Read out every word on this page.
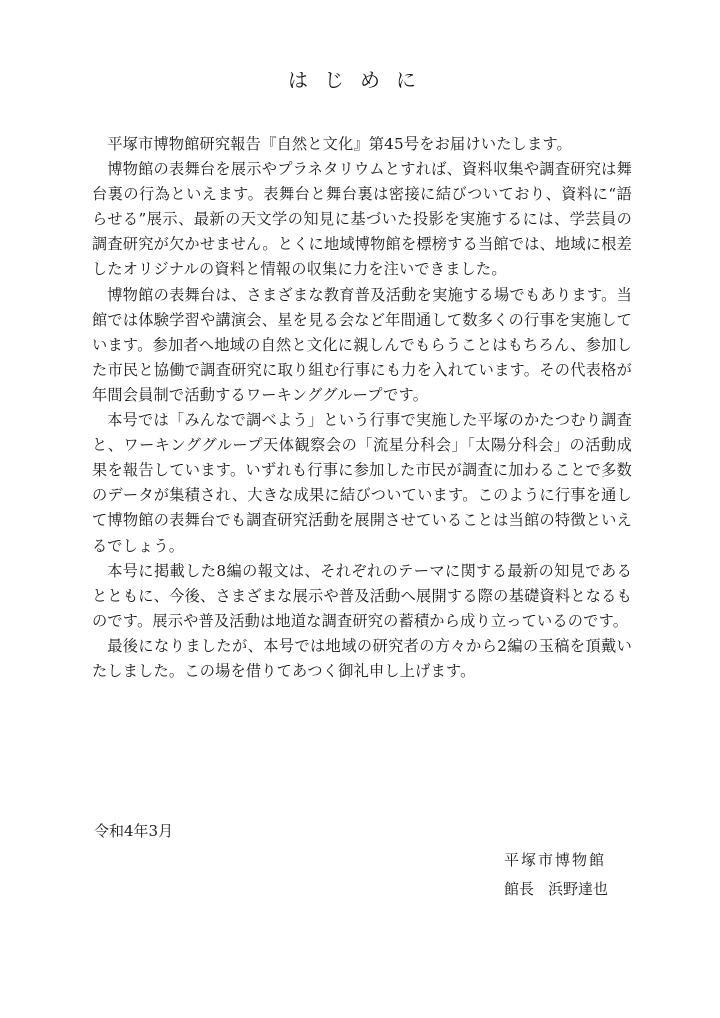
はじめに

平塚市博物館研究報告『自然と文化』第45号をお届けいたします。

博物館の表舞台を展示やプラネタリウムとすれば、資料収集や調査研究は舞台裏の行為といえます。表舞台と舞台裏は密接に結びついており、資料に“語らせる”展示、最新の天文学の知見に基づいた投影を実施するには、学芸員の調査研究が欠かせません。とくに地域博物館を標榜する当館では、地域に根差したオリジナルの資料と情報の収集に力を注いできました。

博物館の表舞台は、さまざまな教育普及活動を実施する場でもあります。当館では体験学習や講演会、星を見る会など年間通して数多くの行事を実施しています。参加者へ地域の自然と文化に親しんでもらうことはもちろん、参加した市民と協働で調査研究に取り組む行事にも力を入れています。その代表格が年間会員制で活動するワーキンググループです。

本号では「みんなで調べよう」という行事で実施した平塚のかたつむり調査と、ワーキンググループ天体観察会の「流星分科会」「太陽分科会」の活動成果を報告しています。いずれも行事に参加した市民が調査に加わることで多数のデータが集積され、大きな成果に結びついています。このように行事を通して博物館の表舞台でも調査研究活動を展開させていることは当館の特徴といえるでしょう。

本号に掲載した8編の報文は、それぞれのテーマに関する最新の知見であるとともに、今後、さまざまな展示や普及活動へ展開する際の基礎資料となるものです。展示や普及活動は地道な調査研究の蓄積から成り立っているのです。

最後になりましたが、本号では地域の研究者の方々から2編の玉稿を頂戴いたしました。この場を借りてあつく御礼申し上げます。

令和4年3月
平塚市博物館
館長 浜野達也
